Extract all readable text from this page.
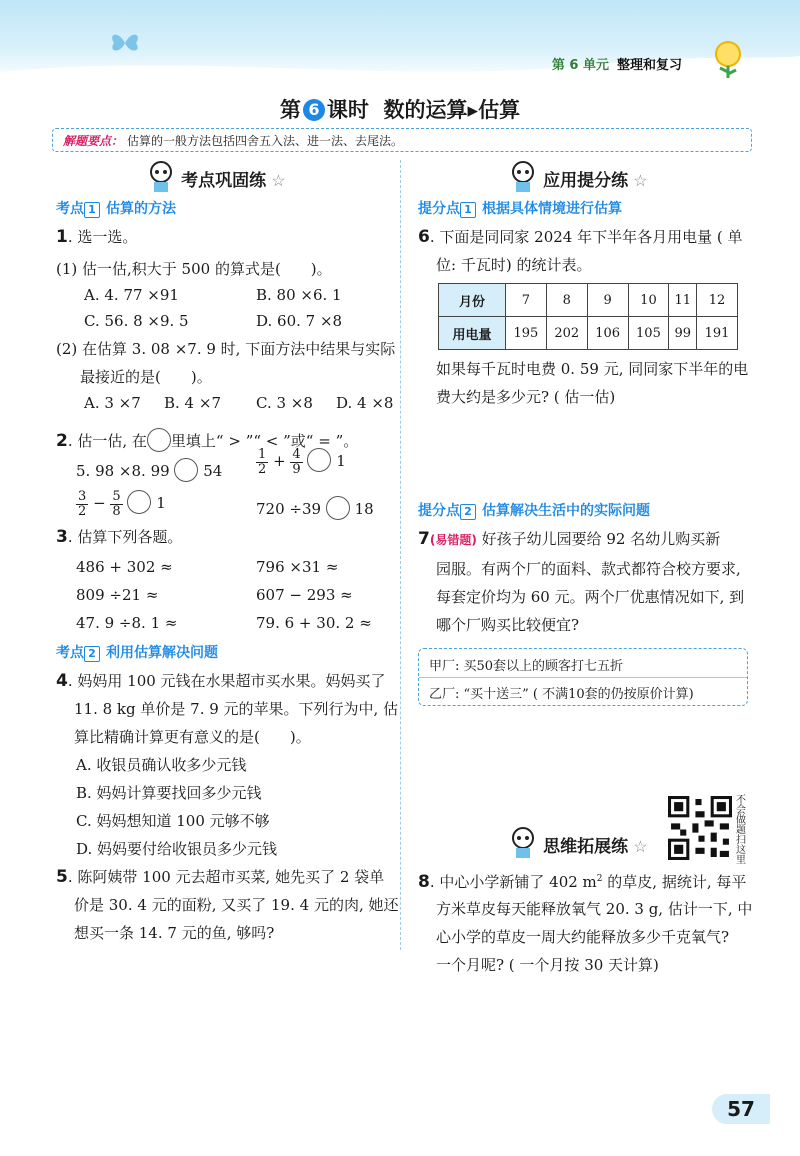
第 6 单元 整理和复习
第 6 课时 数的运算▸估算
解题要点： 估算的一般方法包括四舍五入法、进一法、去尾法。
考点巩固练 ☆
考点 1 估算的方法
1. 选一选。
(1) 估一估,积大于 500 的算式是(　　)。
A. 4. 77 ×91	B. 80 ×6. 1
C. 56. 8 ×9. 5	D. 60. 7 ×8
(2) 在估算 3. 08 ×7. 9 时, 下面方法中结果与实际
最接近的是(　　)。
A. 3 ×7 B. 4 ×7 C. 3 ×8 D. 4 ×8
2. 估一估, 在 里填上“ > ”“ < ”或“ = ”。
5. 98 ×8. 99 54	$\frac{1}{2} + \frac{4}{9} 1$
$\frac{3}{2} - \frac{5}{8} 1$	720 ÷39 18
3. 估算下列各题。
486 + 302 ≈	796 ×31 ≈
809 ÷21 ≈	607 − 293 ≈
47. 9 ÷8. 1 ≈	79. 6 + 30. 2 ≈
考点 2 利用估算解决问题
4. 妈妈用 100 元钱在水果超市买水果。妈妈买了
11. 8 kg 单价是 7. 9 元的苹果。下列行为中, 估
算比精确计算更有意义的是(　　)。
A. 收银员确认收多少元钱
B. 妈妈计算要找回多少元钱
C. 妈妈想知道 100 元够不够
D. 妈妈要付给收银员多少元钱
5. 陈阿姨带 100 元去超市买菜, 她先买了 2 袋单
价是 30. 4 元的面粉, 又买了 19. 4 元的肉, 她还
想买一条 14. 7 元的鱼, 够吗?
应用提分练 ☆
提分点 1 根据具体情境进行估算
6. 下面是同同家 2024 年下半年各月用电量 ( 单
位: 千瓦时) 的统计表。
月份	7	8	9	10	11	12
用电量	195	202	106	105	99	191
如果每千瓦时电费 0. 59 元, 同同家下半年的电
费大约是多少元? ( 估一估)
提分点 2 估算解决生活中的实际问题
7(易错题) 好孩子幼儿园要给 92 名幼儿购买新
园服。有两个厂的面料、款式都符合校方要求,
每套定价均为 60 元。两个厂优惠情况如下, 到
哪个厂购买比较便宜?
甲厂: 买50套以上的顾客打七五折
乙厂: “买十送三” ( 不满10套的仍按原价计算)
不会做题扫这里
思维拓展练 ☆
8. 中心小学新铺了 402 $m^2$ 的草皮, 据统计, 每平
方米草皮每天能释放氧气 20. 3 g, 估计一下, 中
心小学的草皮一周大约能释放多少千克氧气?
一个月呢? ( 一个月按 30 天计算)
57
